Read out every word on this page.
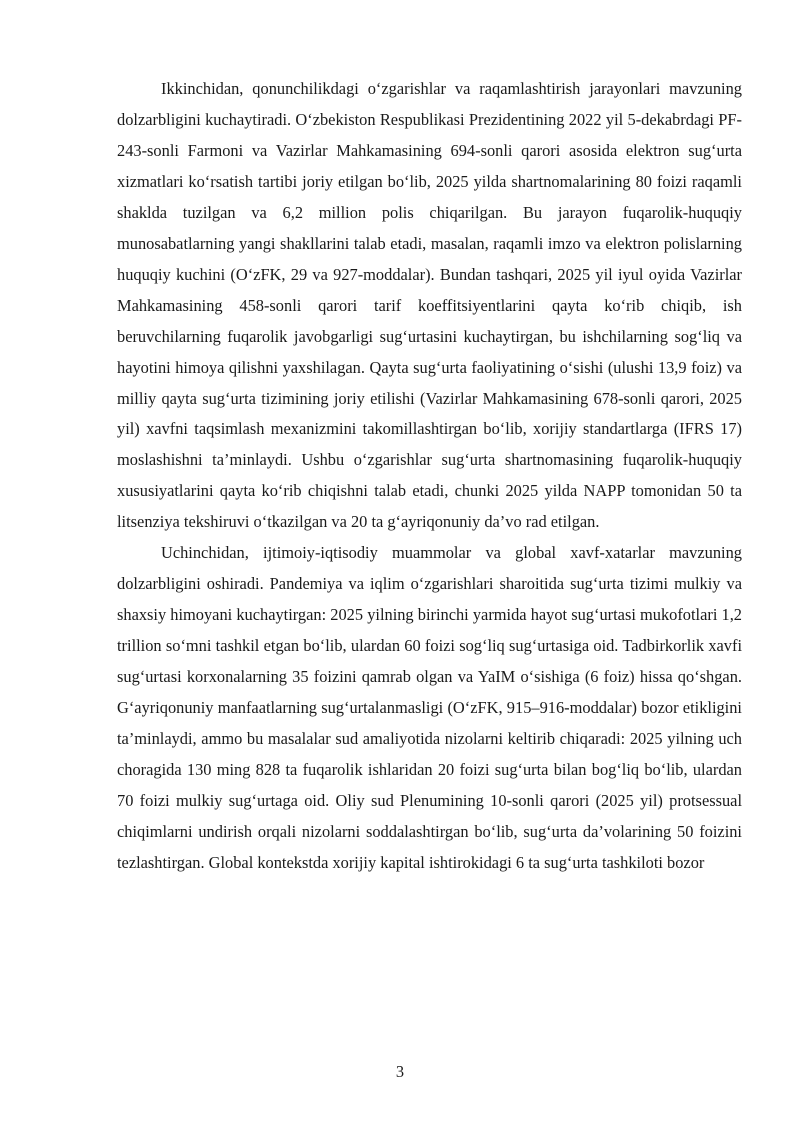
Ikkinchidan, qonunchilikdagi o‘zgarishlar va raqamlashtirish jarayonlari mavzuning dolzarbligini kuchaytiradi. O‘zbekiston Respublikasi Prezidentining 2022 yil 5-dekabrdagi PF-243-sonli Farmoni va Vazirlar Mahkamasining 694-sonli qarori asosida elektron sug‘urta xizmatlari ko‘rsatish tartibi joriy etilgan bo‘lib, 2025 yilda shartnomalarining 80 foizi raqamli shaklda tuzilgan va 6,2 million polis chiqarilgan. Bu jarayon fuqarolik-huquqiy munosabatlarning yangi shakllarini talab etadi, masalan, raqamli imzo va elektron polislarning huquqiy kuchini (O‘zFK, 29 va 927-moddalar). Bundan tashqari, 2025 yil iyul oyida Vazirlar Mahkamasining 458-sonli qarori tarif koeffitsiyentlarini qayta ko‘rib chiqib, ish beruvchilarning fuqarolik javobgarligi sug‘urtasini kuchaytirgan, bu ishchilarning sog‘liq va hayotini himoya qilishni yaxshilagan. Qayta sug‘urta faoliyatining o‘sishi (ulushi 13,9 foiz) va milliy qayta sug‘urta tizimining joriy etilishi (Vazirlar Mahkamasining 678-sonli qarori, 2025 yil) xavfni taqsimlash mexanizmini takomillashtirgan bo‘lib, xorijiy standartlarga (IFRS 17) moslashishni ta’minlaydi. Ushbu o‘zgarishlar sug‘urta shartnomasining fuqarolik-huquqiy xususiyatlarini qayta ko‘rib chiqishni talab etadi, chunki 2025 yilda NAPP tomonidan 50 ta litsenziya tekshiruvi o‘tkazilgan va 20 ta g‘ayriqonuniy da’vo rad etilgan.

Uchinchidan, ijtimoiy-iqtisodiy muammolar va global xavf-xatarlar mavzuning dolzarbligini oshiradi. Pandemiya va iqlim o‘zgarishlari sharoitida sug‘urta tizimi mulkiy va shaxsiy himoyani kuchaytirgan: 2025 yilning birinchi yarmida hayot sug‘urtasi mukofotlari 1,2 trillion so‘mni tashkil etgan bo‘lib, ulardan 60 foizi sog‘liq sug‘urtasiga oid. Tadbirkorlik xavfi sug‘urtasi korxonalarning 35 foizini qamrab olgan va YaIM o‘sishiga (6 foiz) hissa qo‘shgan. G‘ayriqonuniy manfaatlarning sug‘urtalanmasligi (O‘zFK, 915–916-moddalar) bozor etikligini ta’minlaydi, ammo bu masalalar sud amaliyotida nizolarni keltirib chiqaradi: 2025 yilning uch choragida 130 ming 828 ta fuqarolik ishlaridan 20 foizi sug‘urta bilan bog‘liq bo‘lib, ulardan 70 foizi mulkiy sug‘urtaga oid. Oliy sud Plenumining 10-sonli qarori (2025 yil) protsessual chiqimlarni undirish orqali nizolarni soddalashtirgan bo‘lib, sug‘urta da’volarining 50 foizini tezlashtirgan. Global kontekstda xorijiy kapital ishtirokidagi 6 ta sug‘urta tashkiloti bozor

3
